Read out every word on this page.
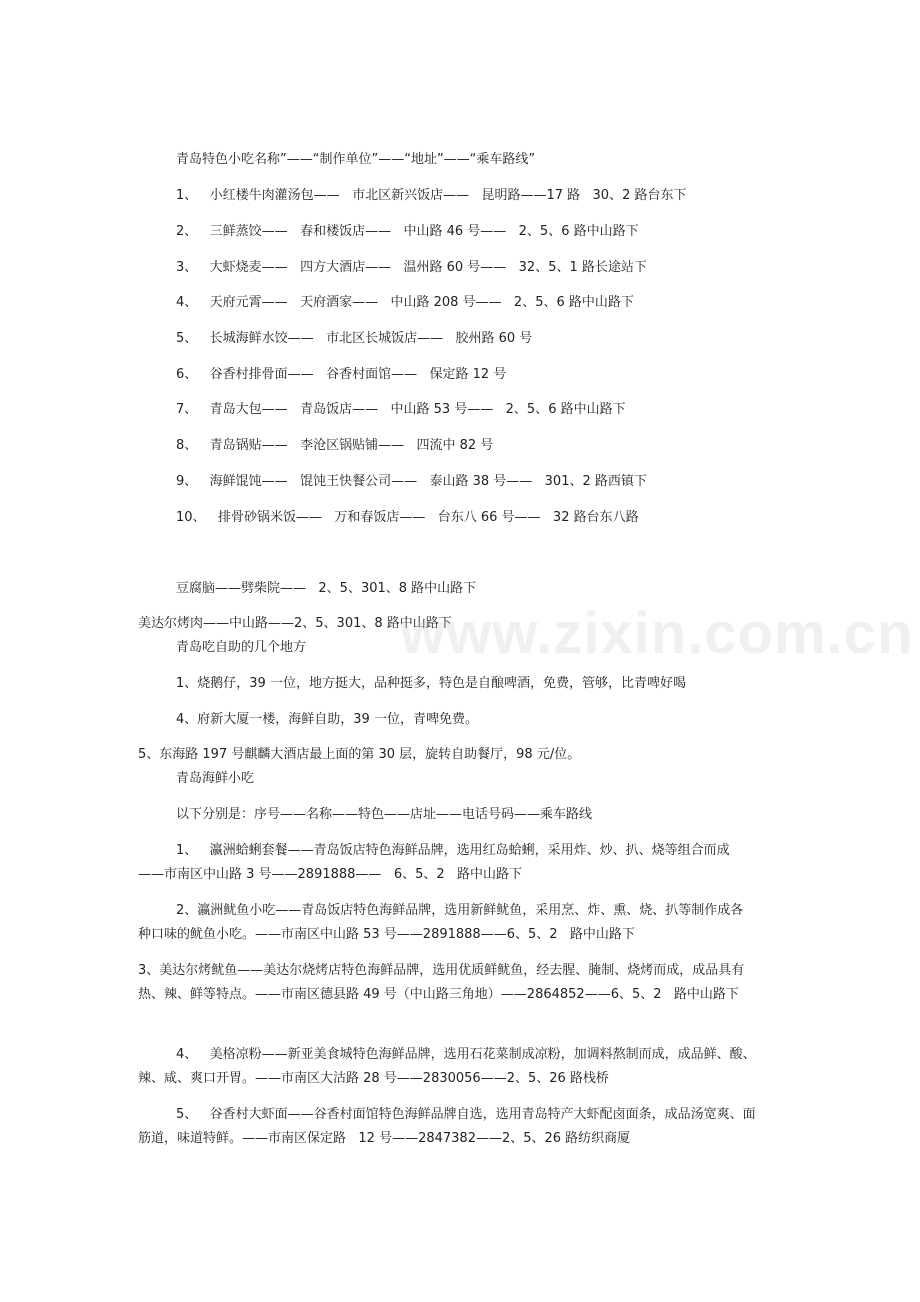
青岛特色小吃名称”——“制作单位”——“地址”——“乘车路线”
1、   小红楼牛肉灌汤包——   市北区新兴饭店——   昆明路——17 路   30、2 路台东下
2、   三鲜蒸饺——   春和楼饭店——   中山路 46 号——   2、5、6 路中山路下
3、   大虾烧麦——   四方大酒店——   温州路 60 号——   32、5、1 路长途站下
4、   天府元霄——   天府酒家——   中山路 208 号——   2、5、6 路中山路下
5、   长城海鲜水饺——   市北区长城饭店——   胶州路 60 号
6、   谷香村排骨面——   谷香村面馆——   保定路 12 号
7、   青岛大包——   青岛饭店——   中山路 53 号——   2、5、6 路中山路下
8、   青岛锅贴——   李沧区锅贴铺——   四流中 82 号
9、   海鲜馄饨——   馄饨王快餐公司——   泰山路 38 号——   301、2 路西镇下
10、   排骨砂锅米饭——   万和春饭店——   台东八 66 号——   32 路台东八路
豆腐脑——劈柴院——   2、5、301、8 路中山路下
美达尔烤肉——中山路——2、5、301、8 路中山路下
青岛吃自助的几个地方
1、烧鹅仔，39 一位，地方挺大，品种挺多，特色是自酿啤酒，免费，管够，比青啤好喝
4、府新大厦一楼，海鲜自助，39 一位，青啤免费。
5、东海路 197 号麒麟大酒店最上面的第 30 层，旋转自助餐厅，98 元/位。
青岛海鲜小吃
以下分别是：序号——名称——特色——店址——电话号码——乘车路线
1、   瀛洲蛤蜊套餐——青岛饭店特色海鲜品牌，选用红岛蛤蜊，采用炸、炒、扒、烧等组合而成
——市南区中山路 3 号——2891888——   6、5、2   路中山路下
2、瀛洲鱿鱼小吃——青岛饭店特色海鲜品牌，选用新鲜鱿鱼，采用烹、炸、熏、烧、扒等制作成各
种口味的鱿鱼小吃。——市南区中山路 53 号——2891888——6、5、2   路中山路下
3、美达尔烤鱿鱼——美达尔烧烤店特色海鲜品牌，选用优质鲜鱿鱼，经去腥、腌制、烧烤而成，成品具有
热、辣、鲜等特点。——市南区德县路 49 号（中山路三角地）——2864852——6、5、2   路中山路下
4、   美格凉粉——新亚美食城特色海鲜品牌，选用石花菜制成凉粉，加调料熬制而成，成品鲜、酸、
辣、咸、爽口开胃。——市南区大沽路 28 号——2830056——2、5、26 路栈桥
5、   谷香村大虾面——谷香村面馆特色海鲜品牌自选，选用青岛特产大虾配卤面条，成品汤宽爽、面
筋道，味道特鲜。——市南区保定路   12 号——2847382——2、5、26 路纺织商厦
www.zixin.com.cn
